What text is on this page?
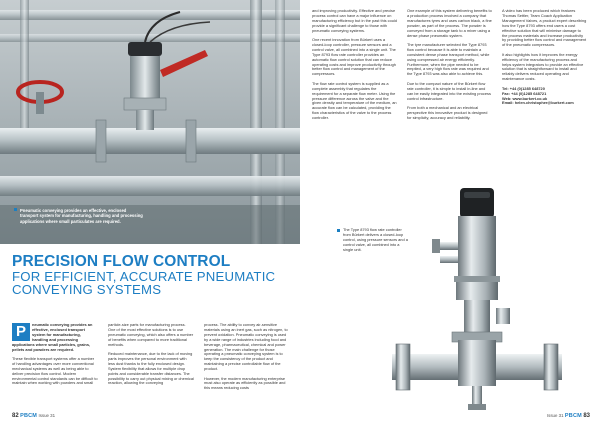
Pneumatic conveying provides an effective, enclosed transport system for manufacturing, handling and processing applications where small particulates are required.
PRECISION FLOW CONTROL
FOR EFFICIENT, ACCURATE PNEUMATIC CONVEYING SYSTEMS

P	neumatic conveying provides an effective, enclosed transport system for manufacturing, handling and processing applications where small particles, grains, pellets and powders are required.

These flexible transport systems offer a number of handling advantages over more conventional mechanical systems as well as being able to deliver precision flow control. Modern environmental control standards can be difficult to maintain when working with powders and small

particle-size parts for manufacturing process. One of the most effective solutions is to use pneumatic conveying, which also offers a number of benefits when compared to more traditional methods.

Reduced maintenance, due to the lack of moving parts improves the personal environment with less dust thanks to the fully enclosed design. System flexibility that allows for multiple drop points and considerable transfer distances. The possibility to carry out physical mixing or chemical reaction, allowing the conveying

process. The ability to convey air-sensitive materials using an inert gas, such as nitrogen, to prevent oxidation. Pneumatic conveying is used by a wide range of industries including food and beverage, pharmaceutical, chemical and power generation. The main challenge for those operating a pneumatic conveying system is to keep the consistency of the product and maintaining a precise controllable flow of the product.

However, the modern manufacturing enterprise must also operate as efficiently as possible and this means reducing costs

82 PBCM Issue 31

and improving productivity. Effective and precise process control can have a major influence on manufacturing efficiency but in the past this could provide a significant challenge to those with pneumatic conveying systems.

One recent innovation from Bürkert uses a closed-loop controller, pressure sensors and a control valve, all combined into a single unit. The Type 8793 flow rate controller provides an automatic flow control solution that can reduce operating costs and improve productivity through better flow control and management of the compressors.

The flow rate control system is supplied as a complete assembly that regulates the requirement for a separate flow meter. Using the pressure difference across the valve and the given density and temperature of the medium, an accurate flow can be calculated, providing the flow characteristics of the valve to the process controller.

One example of this system delivering benefits to a production process involved a company that manufactures tyres and uses carbon black, a fine powder, as part of the process. The powder is conveyed from a storage tank to a mixer using a dense phase pneumatic system.

The tyre manufacturer selected the Type 8793 flow control because it is able to maintain a consistent dense phase transport method, while using compressed air energy efficiently. Furthermore, when the pipe needed to be emptied, a very high flow rate was required and the Type 8793 was also able to achieve this.

Due to the compact nature of the Bürkert flow rate controller, it is simple to install in-line and can be easily integrated into the existing process control infrastructure.

From both a mechanical and an electrical perspective this innovative product is designed for simplicity, accuracy and reliability.

A video has been produced which features Thomas Settler, Team Coach Application Management Valves, a product expert describing how the Type 8793 offers end users a cost effective solution that will minimise damage to the process materials and increase productivity by providing better flow control and management of the pneumatic compressors.

It also highlights how it improves the energy efficiency of the manufacturing process and helps system integrators to provide an effective solution that is straightforward to install and reliably delivers reduced operating and maintenance costs.

Tel: +44 (0)1285 648720
Fax: +44 (0)1285 648721
Web: www.burkert.co.uk
Email: helen.christopher@burkert.com

The Type 8793 flow rate controller from Bürkert delivers a closed-loop control, using pressure sensors and a control valve, all combined into a single unit.
Issue 31 PBCM 83
